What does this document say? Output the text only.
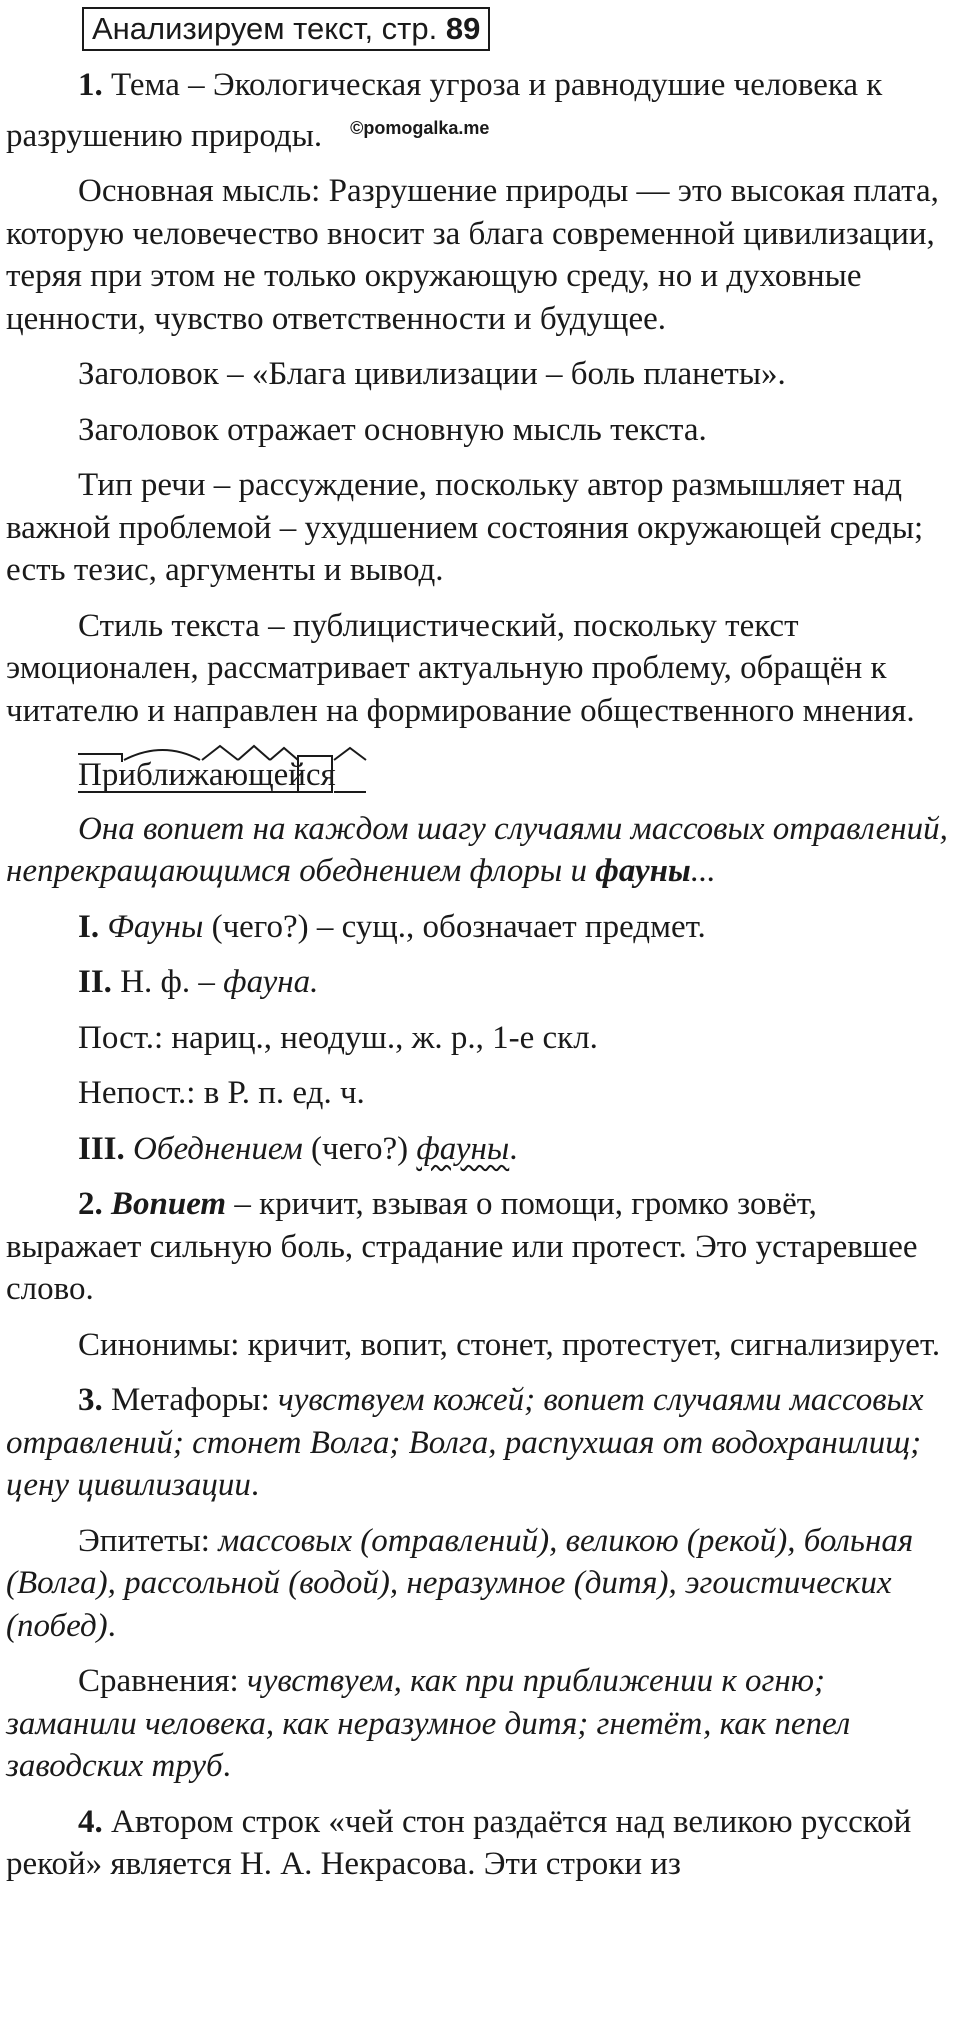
Анализируем текст, стр. 89

1. Тема – Экологическая угроза и равнодушие человека к разрушению природы. $^{©pomogalka.me}$

Основная мысль: Разрушение природы — это высокая плата, которую человечество вносит за блага современной цивилизации, теряя при этом не только окружающую среду, но и духовные ценности, чувство ответственности и будущее.

Заголовок – «Блага цивилизации – боль планеты».

Заголовок отражает основную мысль текста.

Тип речи – рассуждение, поскольку автор размышляет над важной проблемой – ухудшением состояния окружающей среды; есть тезис, аргументы и вывод.

Стиль текста – публицистический, поскольку текст эмоционален, рассматривает актуальную проблему, обращён к читателю и направлен на формирование общественного мнения.

Приближающейся

Она вопиет на каждом шагу случаями массовых отравлений, непрекращающимся обеднением флоры и фауны...

I. Фауны (чего?) – сущ., обозначает предмет.

II. Н. ф. – фауна.

Пост.: нариц., неодуш., ж. р., 1-е скл.

Непост.: в Р. п. ед. ч.

III. Обеднением (чего?) фауны.

2. Вопиет – кричит, взывая о помощи, громко зовёт, выражает сильную боль, страдание или протест. Это устаревшее слово.

Синонимы: кричит, вопит, стонет, протестует, сигнализирует.

3. Метафоры: чувствуем кожей; вопиет случаями массовых отравлений; стонет Волга; Волга, распухшая от водохранилищ; цену цивилизации.

Эпитеты: массовых (отравлений), великою (рекой), больная (Волга), рассольной (водой), неразумное (дитя), эгоистических (побед).

Сравнения: чувствуем, как при приближении к огню; заманили человека, как неразумное дитя; гнетёт, как пепел заводских труб.

4. Автором строк «чей стон раздаётся над великою русской рекой» является Н. А. Некрасова. Эти строки из
